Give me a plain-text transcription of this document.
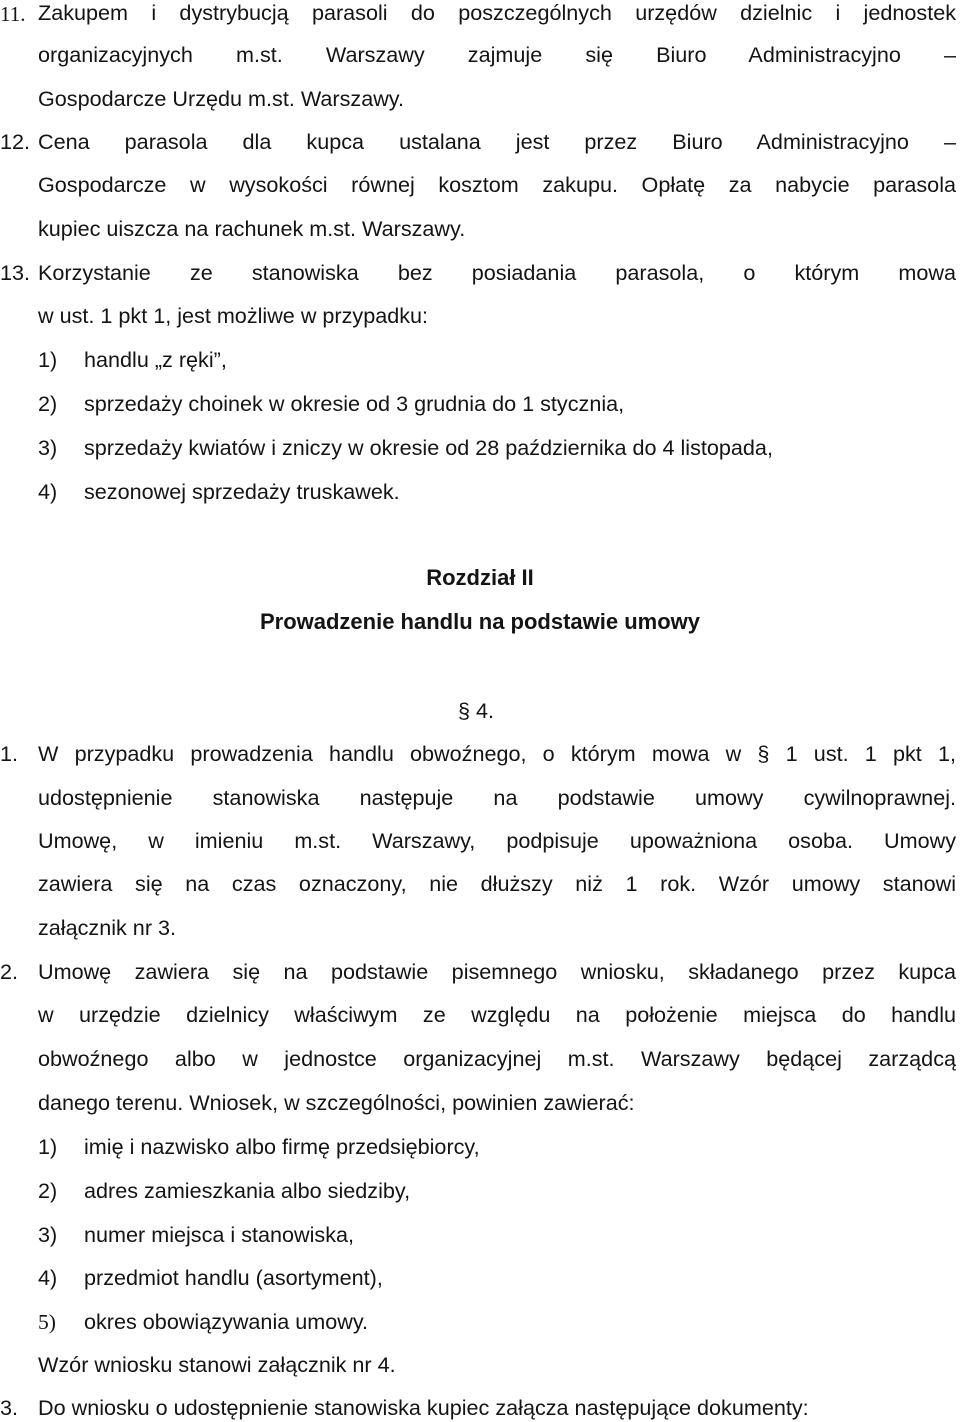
11. Zakupem i dystrybucją parasoli do poszczególnych urzędów dzielnic i jednostek
organizacyjnych m.st. Warszawy zajmuje się Biuro Administracyjno –
Gospodarcze Urzędu m.st. Warszawy.
12. Cena parasola dla kupca ustalana jest przez Biuro Administracyjno –
Gospodarcze w wysokości równej kosztom zakupu. Opłatę za nabycie parasola
kupiec uiszcza na rachunek m.st. Warszawy.
13. Korzystanie ze stanowiska bez posiadania parasola, o którym mowa
w ust. 1 pkt 1, jest możliwe w przypadku:
1) handlu „z ręki”,
2) sprzedaży choinek w okresie od 3 grudnia do 1 stycznia,
3) sprzedaży kwiatów i zniczy w okresie od 28 października do 4 listopada,
4) sezonowej sprzedaży truskawek.
Rozdział II
Prowadzenie handlu na podstawie umowy
§ 4.
1. W przypadku prowadzenia handlu obwoźnego, o którym mowa w § 1 ust. 1 pkt 1,
udostępnienie stanowiska następuje na podstawie umowy cywilnoprawnej.
Umowę, w imieniu m.st. Warszawy, podpisuje upoważniona osoba. Umowy
zawiera się na czas oznaczony, nie dłuższy niż 1 rok. Wzór umowy stanowi
załącznik nr 3.
2. Umowę zawiera się na podstawie pisemnego wniosku, składanego przez kupca
w urzędzie dzielnicy właściwym ze względu na położenie miejsca do handlu
obwoźnego albo w jednostce organizacyjnej m.st. Warszawy będącej zarządcą
danego terenu. Wniosek, w szczególności, powinien zawierać:
1) imię i nazwisko albo firmę przedsiębiorcy,
2) adres zamieszkania albo siedziby,
3) numer miejsca i stanowiska,
4) przedmiot handlu (asortyment),
5) okres obowiązywania umowy.
Wzór wniosku stanowi załącznik nr 4.
3. Do wniosku o udostępnienie stanowiska kupiec załącza następujące dokumenty:
